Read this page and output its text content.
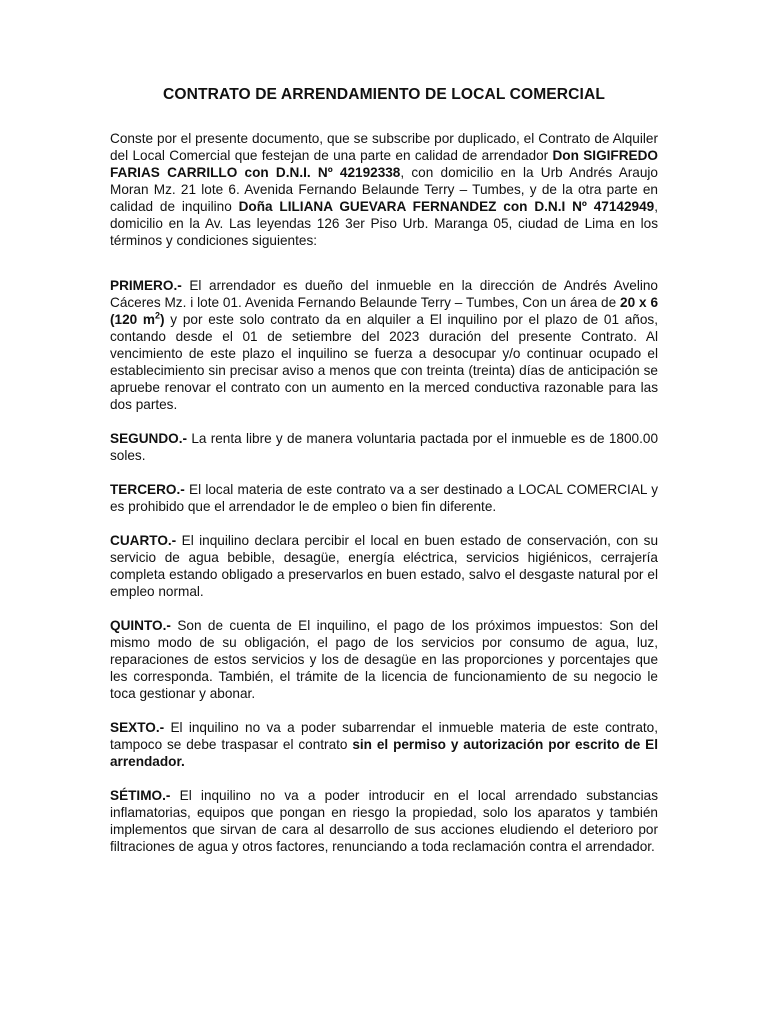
CONTRATO DE ARRENDAMIENTO DE LOCAL COMERCIAL

Conste por el presente documento, que se subscribe por duplicado, el Contrato de Alquiler del Local Comercial que festejan de una parte en calidad de arrendador Don SIGIFREDO FARIAS CARRILLO con D.N.I. Nº 42192338, con domicilio en la Urb Andrés Araujo Moran Mz. 21 lote 6. Avenida Fernando Belaunde Terry – Tumbes, y de la otra parte en calidad de inquilino Doña LILIANA GUEVARA FERNANDEZ con D.N.I Nº 47142949, domicilio en la Av. Las leyendas 126 3er Piso Urb. Maranga 05, ciudad de Lima en los términos y condiciones siguientes:

PRIMERO.- El arrendador es dueño del inmueble en la dirección de Andrés Avelino Cáceres Mz. i lote 01. Avenida Fernando Belaunde Terry – Tumbes, Con un área de 20 x 6 (120 $m^2$) y por este solo contrato da en alquiler a El inquilino por el plazo de 01 años, contando desde el 01 de setiembre del 2023 duración del presente Contrato. Al vencimiento de este plazo el inquilino se fuerza a desocupar y/o continuar ocupado el establecimiento sin precisar aviso a menos que con treinta (treinta) días de anticipación se apruebe renovar el contrato con un aumento en la merced conductiva razonable para las dos partes.

SEGUNDO.- La renta libre y de manera voluntaria pactada por el inmueble es de 1800.00 soles.

TERCERO.- El local materia de este contrato va a ser destinado a LOCAL COMERCIAL y es prohibido que el arrendador le de empleo o bien fin diferente.

CUARTO.- El inquilino declara percibir el local en buen estado de conservación, con su servicio de agua bebible, desagüe, energía eléctrica, servicios higiénicos, cerrajería completa estando obligado a preservarlos en buen estado, salvo el desgaste natural por el empleo normal.

QUINTO.- Son de cuenta de El inquilino, el pago de los próximos impuestos: Son del mismo modo de su obligación, el pago de los servicios por consumo de agua, luz, reparaciones de estos servicios y los de desagüe en las proporciones y porcentajes que les corresponda. También, el trámite de la licencia de funcionamiento de su negocio le toca gestionar y abonar.

SEXTO.- El inquilino no va a poder subarrendar el inmueble materia de este contrato, tampoco se debe traspasar el contrato sin el permiso y autorización por escrito de El arrendador.

SÉTIMO.- El inquilino no va a poder introducir en el local arrendado substancias inflamatorias, equipos que pongan en riesgo la propiedad, solo los aparatos y también implementos que sirvan de cara al desarrollo de sus acciones eludiendo el deterioro por filtraciones de agua y otros factores, renunciando a toda reclamación contra el arrendador.
